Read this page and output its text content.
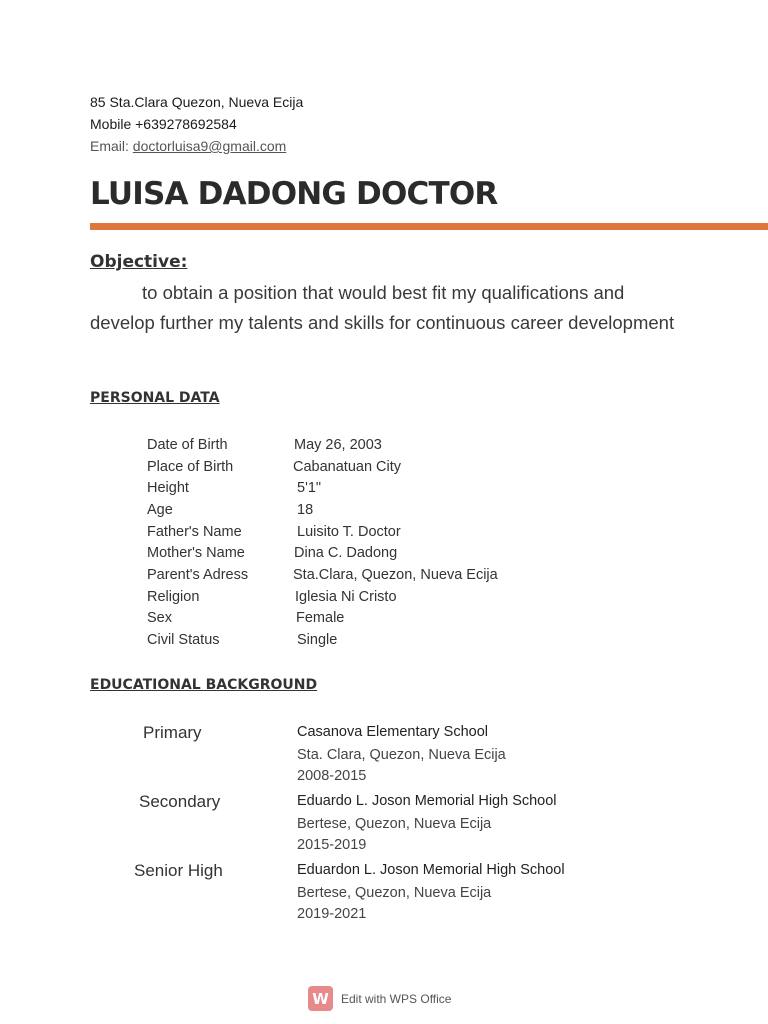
85 Sta.Clara Quezon, Nueva Ecija
Mobile +639278692584
Email: doctorluisa9@gmail.com
LUISA DADONG DOCTOR
Objective:

to obtain a position that would best fit my qualifications and develop further my talents and skills for continuous career development

PERSONAL DATA
Date of Birth	May 26, 2003
Place of Birth	Cabanatuan City
Height	5'1"
Age	18
Father's Name	Luisito T. Doctor
Mother's Name	Dina C. Dadong
Parent's Adress	Sta.Clara, Quezon, Nueva Ecija
Religion	Iglesia Ni Cristo
Sex	Female
Civil Status	Single
EDUCATIONAL BACKGROUND
Primary	Casanova Elementary School
Sta. Clara, Quezon, Nueva Ecija
2008-2015
Secondary	Eduardo L. Joson Memorial High School
Bertese, Quezon, Nueva Ecija
2015-2019
Senior High	Eduardon L. Joson Memorial High School
Bertese, Quezon, Nueva Ecija
2019-2021
W	Edit with WPS Office
